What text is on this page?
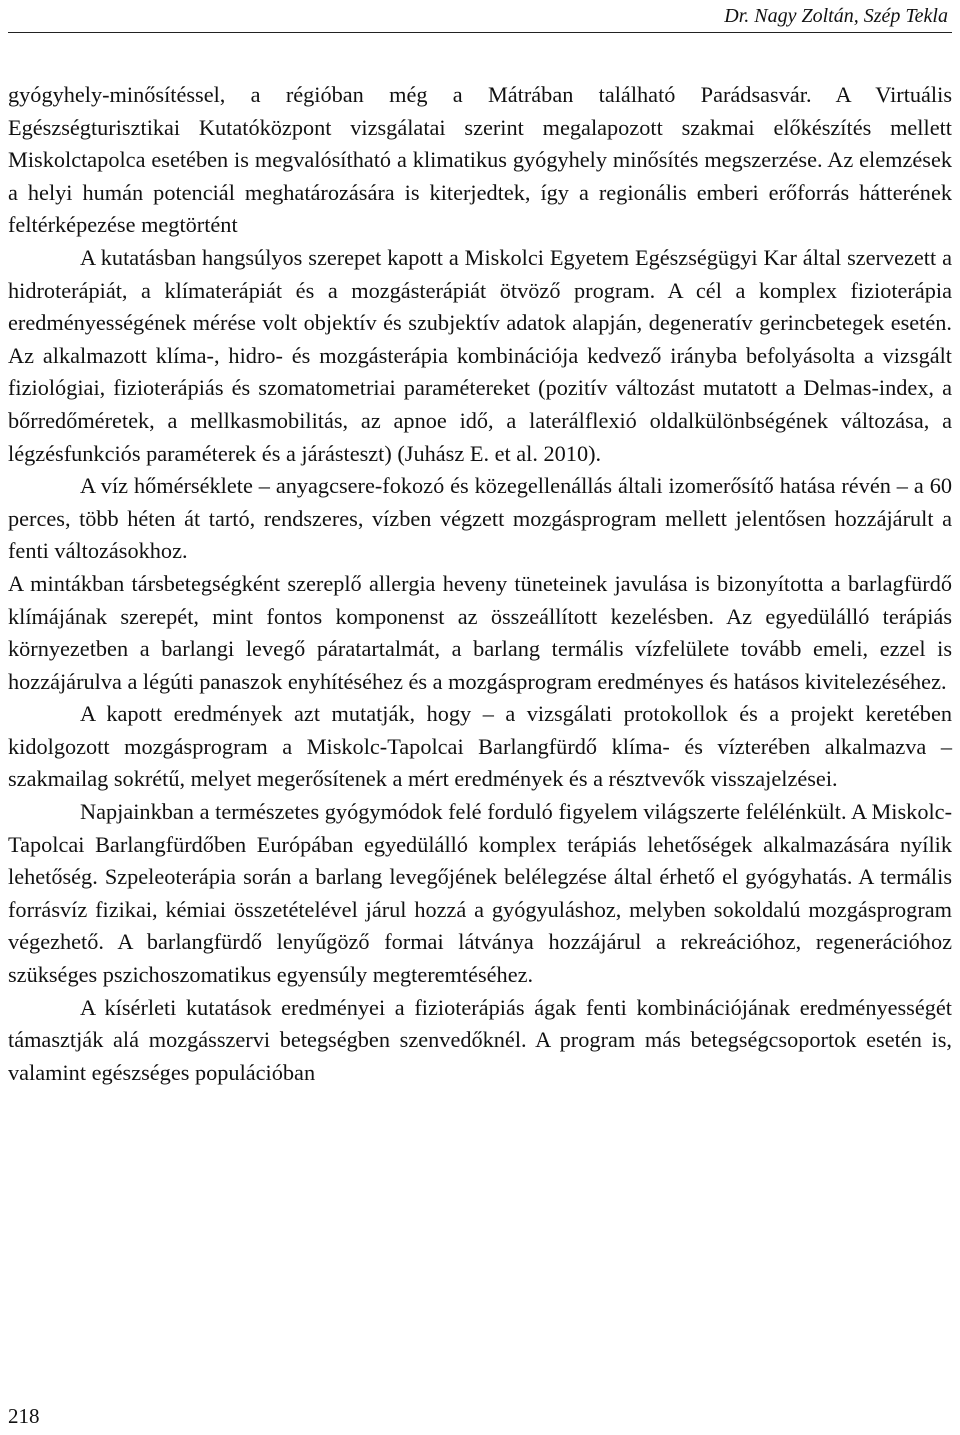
Dr. Nagy Zoltán, Szép Tekla

gyógyhely-minősítéssel, a régióban még a Mátrában található Parádsasvár. A Virtuális Egészségturisztikai Kutatóközpont vizsgálatai szerint megalapozott szakmai előkészítés mellett Miskolctapolca esetében is megvalósítható a klimatikus gyógyhely minősítés megszerzése. Az elemzések a helyi humán potenciál meghatározására is kiterjedtek, így a regionális emberi erőforrás hátterének feltérképezése megtörtént

A kutatásban hangsúlyos szerepet kapott a Miskolci Egyetem Egészségügyi Kar által szervezett a hidroterápiát, a klímaterápiát és a mozgásterápiát ötvöző program. A cél a komplex fizioterápia eredményességének mérése volt objektív és szubjektív adatok alapján, degeneratív gerincbetegek esetén. Az alkalmazott klíma-, hidro- és mozgásterápia kombinációja kedvező irányba befolyásolta a vizsgált fiziológiai, fizioterápiás és szomatometriai paramétereket (pozitív változást mutatott a Delmas-index, a bőrredőméretek, a mellkasmobilitás, az apnoe idő, a laterálflexió oldalkülönbségének változása, a légzésfunkciós paraméterek és a járásteszt) (Juhász E. et al. 2010).

A víz hőmérséklete – anyagcsere-fokozó és közegellenállás általi izomerősítő hatása révén – a 60 perces, több héten át tartó, rendszeres, vízben végzett mozgásprogram mellett jelentősen hozzájárult a fenti változásokhoz.

A mintákban társbetegségként szereplő allergia heveny tüneteinek javulása is bizonyította a barlagfürdő klímájának szerepét, mint fontos komponenst az összeállított kezelésben. Az egyedülálló terápiás környezetben a barlangi levegő páratartalmát, a barlang termális vízfelülete tovább emeli, ezzel is hozzájárulva a légúti panaszok enyhítéséhez és a mozgásprogram eredményes és hatásos kivitelezéséhez.

A kapott eredmények azt mutatják, hogy – a vizsgálati protokollok és a projekt keretében kidolgozott mozgásprogram a Miskolc-Tapolcai Barlangfürdő klíma- és vízterében alkalmazva – szakmailag sokrétű, melyet megerősítenek a mért eredmények és a résztvevők visszajelzései.

Napjainkban a természetes gyógymódok felé forduló figyelem világszerte felélénkült. A Miskolc-Tapolcai Barlangfürdőben Európában egyedülálló komplex terápiás lehetőségek alkalmazására nyílik lehetőség. Szpeleoterápia során a barlang levegőjének belélegzése által érhető el gyógyhatás. A termális forrásvíz fizikai, kémiai összetételével járul hozzá a gyógyuláshoz, melyben sokoldalú mozgásprogram végezhető. A barlangfürdő lenyűgöző formai látványa hozzájárul a rekreációhoz, regenerációhoz szükséges pszichoszomatikus egyensúly megteremtéséhez.

A kísérleti kutatások eredményei a fizioterápiás ágak fenti kombinációjának eredményességét támasztják alá mozgásszervi betegségben szenvedőknél. A program más betegségcsoportok esetén is, valamint egészséges populációban

218
